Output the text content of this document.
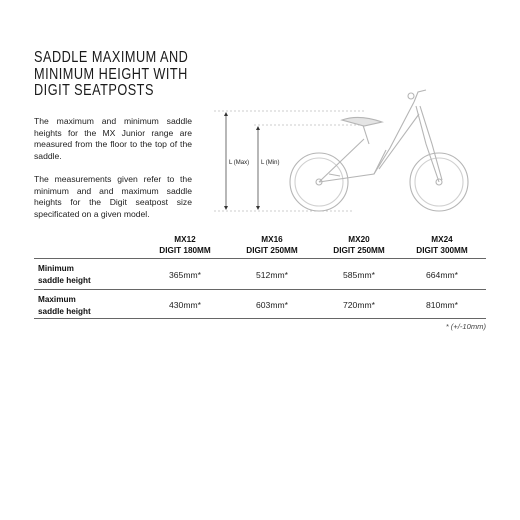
SADDLE MAXIMUM AND
MINIMUM HEIGHT WITH
DIGIT SEATPOSTS
The maximum and minimum saddle heights for the MX Junior range are measured from the floor to the top of the saddle.
The measurements given refer to the minimum and and maximum saddle heights for the Digit seatpost size specificated on a given model.
L (Max) L (Min)
MX12
DIGIT 180MM
MX16
DIGIT 250MM
MX20
DIGIT 250MM
MX24
DIGIT 300MM
Minimum
saddle height
365mm*	512mm*	585mm*	664mm*
Maximum
saddle height
430mm*	603mm*	720mm*	810mm*
* (+/-10mm)
